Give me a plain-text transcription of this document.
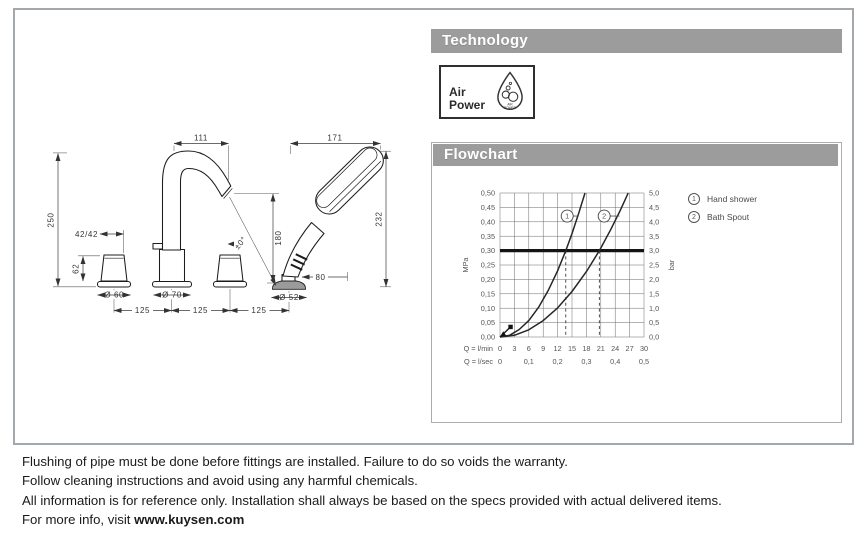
250
111	171
232
180
42/42
62
Ø 60	Ø 70	Ø 52
80
125	125	125
±0°
Technology
Air
Power	AIR
POWER
Flowchart
0,50
0,45
0,40
0,35
0,30
0,25
0,20
0,15
0,10
0,05
0,00
5,0
4,5
4,0
3,5
3,0
2,5
2,0
1,5
1,0
0,5
0,0
Q = l/min 0 3 6 9 12 15 18 21 24 27 30
Q = l/sec 0	0,1	0,2	0,3	0,4	0,5
MPa	bar
1	2
1	Hand shower
2	Bath Spout
Flushing of pipe must be done before fittings are installed. Failure to do so voids the warranty.
Follow cleaning instructions and avoid using any harmful chemicals.
All information is for reference only. Installation shall always be based on the specs provided with actual delivered items.
For more info, visit www.kuysen.com
